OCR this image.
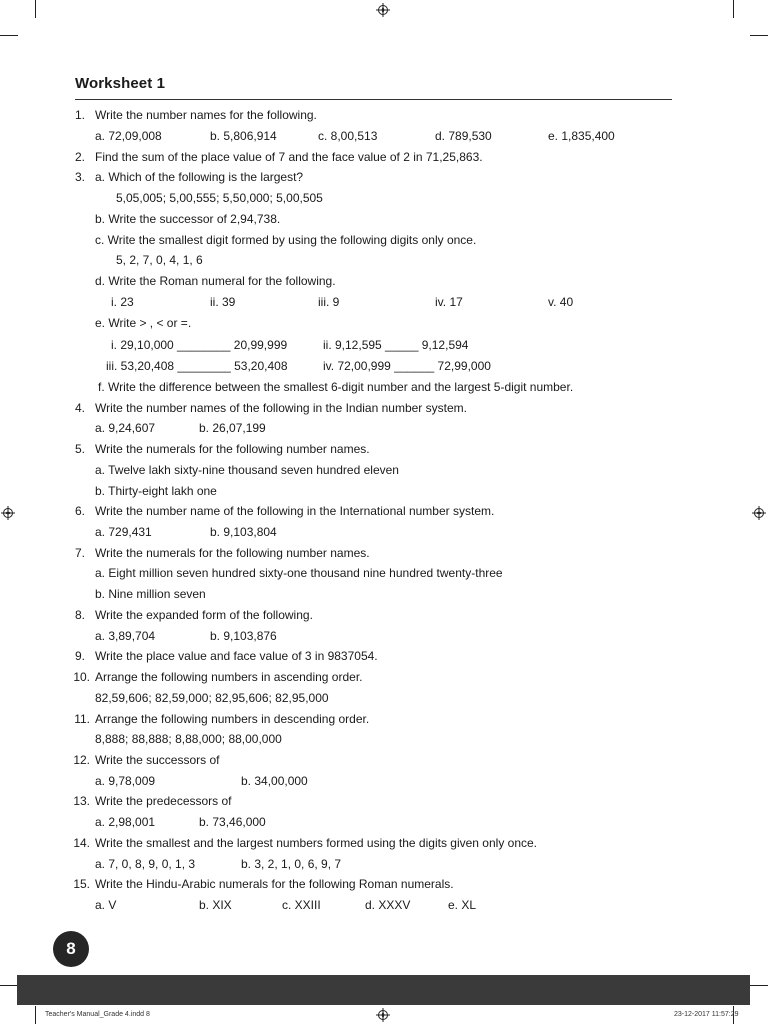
Worksheet 1
1. Write the number names for the following.
a. 72,09,008	b. 5,806,914	c. 8,00,513	d. 789,530	e. 1,835,400
2. Find the sum of the place value of 7 and the face value of 2 in 71,25,863.
3. a. Which of the following is the largest?
5,05,005; 5,00,555; 5,50,000; 5,00,505
b. Write the successor of 2,94,738.
c. Write the smallest digit formed by using the following digits only once.
5, 2, 7, 0, 4, 1, 6
d. Write the Roman numeral for the following.
i. 23	ii. 39	iii. 9	iv. 17	v. 40
e. Write > , < or =.
i. 29,10,000 ________ 20,99,999	ii. 9,12,595 _____ 9,12,594
iii. 53,20,408 ________ 53,20,408	iv. 72,00,999 ______ 72,99,000
f. Write the difference between the smallest 6-digit number and the largest 5-digit number.
4. Write the number names of the following in the Indian number system.
a. 9,24,607	b. 26,07,199
5. Write the numerals for the following number names.
a. Twelve lakh sixty-nine thousand seven hundred eleven
b. Thirty-eight lakh one
6. Write the number name of the following in the International number system.
a. 729,431	b. 9,103,804
7. Write the numerals for the following number names.
a. Eight million seven hundred sixty-one thousand nine hundred twenty-three
b. Nine million seven
8. Write the expanded form of the following.
a. 3,89,704	b. 9,103,876
9. Write the place value and face value of 3 in 9837054.
10. Arrange the following numbers in ascending order.
82,59,606; 82,59,000; 82,95,606; 82,95,000
11. Arrange the following numbers in descending order.
8,888; 88,888; 8,88,000; 88,00,000
12. Write the successors of
a. 9,78,009	b. 34,00,000
13. Write the predecessors of
a. 2,98,001	b. 73,46,000
14. Write the smallest and the largest numbers formed using the digits given only once.
a. 7, 0, 8, 9, 0, 1, 3	b. 3, 2, 1, 0, 6, 9, 7
15. Write the Hindu-Arabic numerals for the following Roman numerals.
a. V	b. XIX	c. XXIII	d. XXXV	e. XL
8
Teacher's Manual_Grade 4.indd 8	23-12-2017 11:57:29
